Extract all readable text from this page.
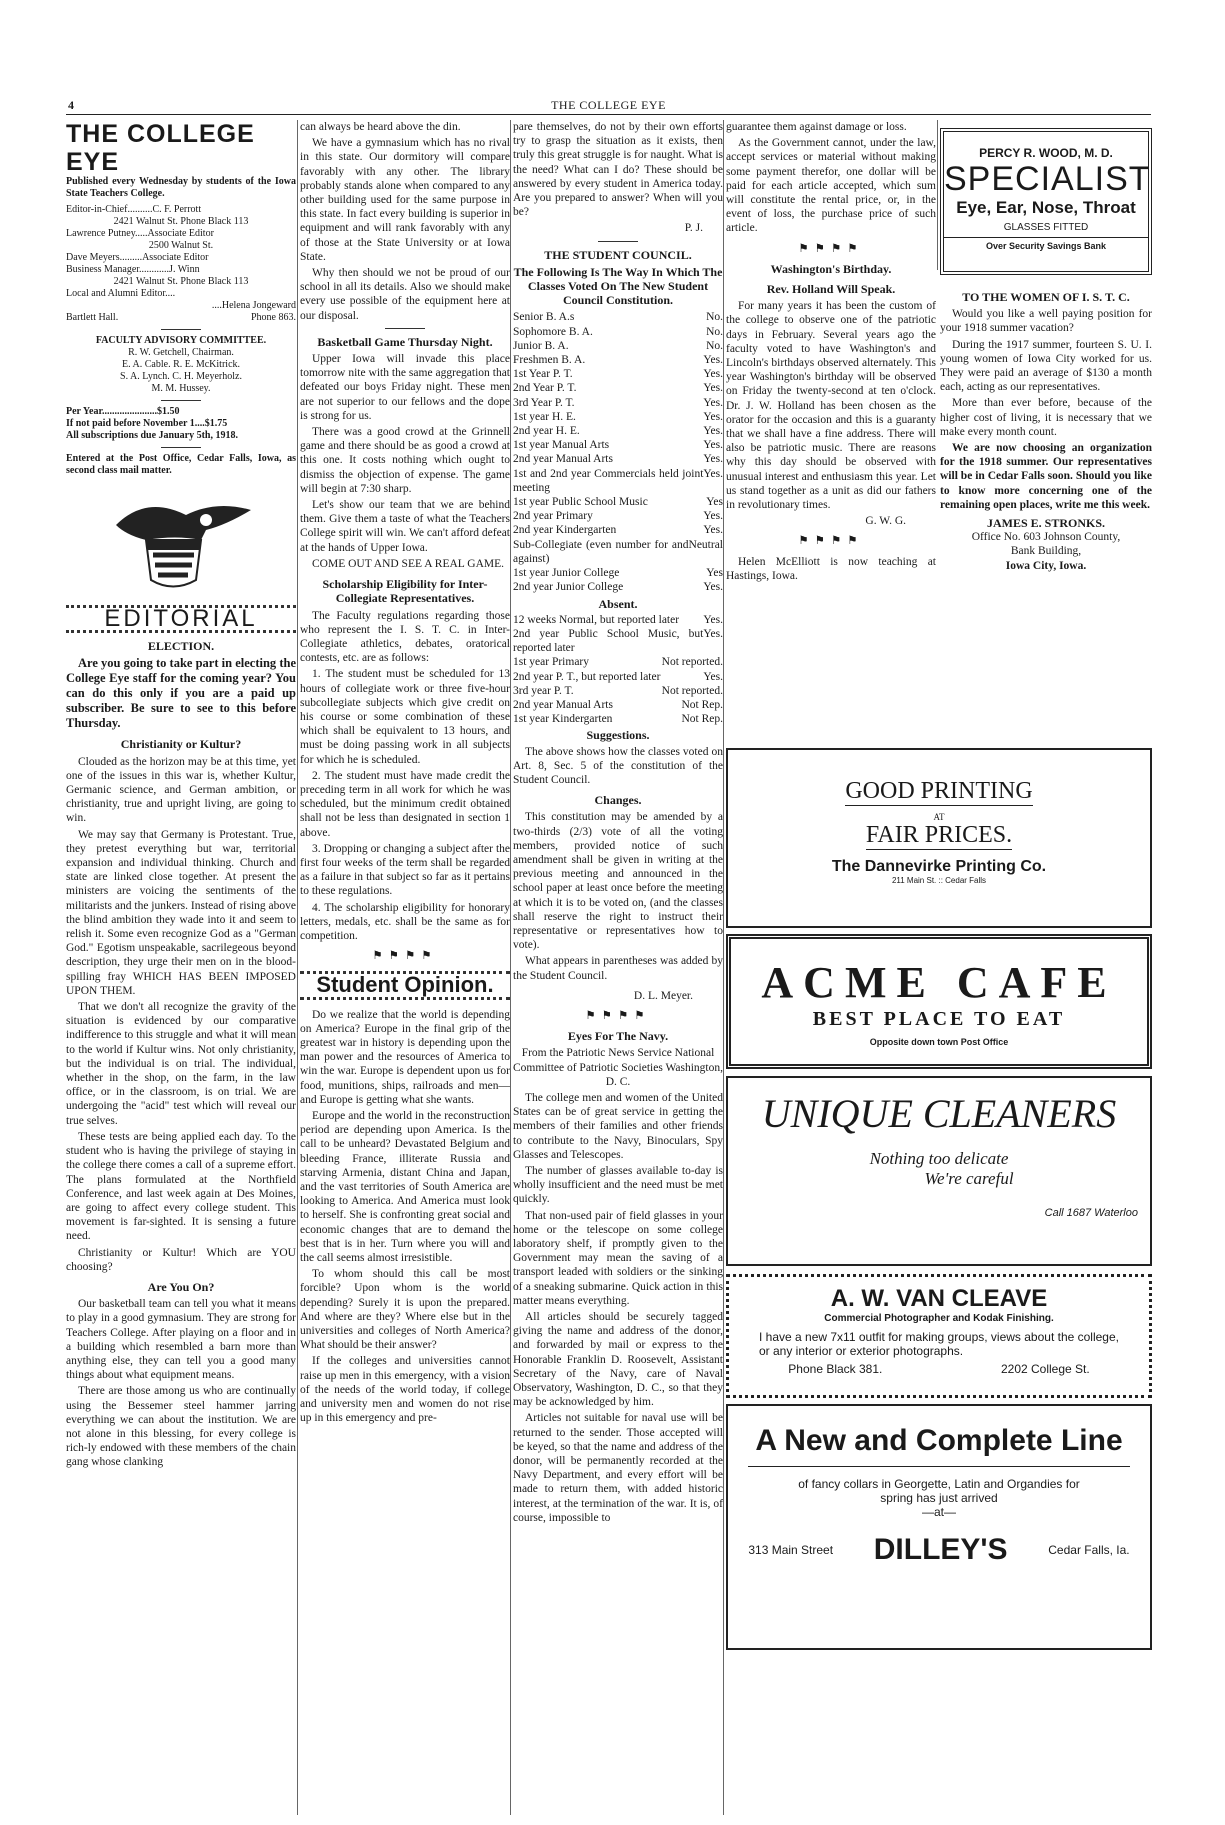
4	THE COLLEGE EYE
THE COLLEGE EYE

Published every Wednesday by students of the Iowa State Teachers College.

Editor-in-Chief..........C. F. Perrott
2421 Walnut St. Phone Black 113
Lawrence Putney.....Associate Editor
2500 Walnut St.
Dave Meyers.........Associate Editor
Business Manager............J. Winn
2421 Walnut St. Phone Black 113
Local and Alumni Editor....
....Helena Jongeward
Bartlett Hall.	Phone 863.
FACULTY ADVISORY COMMITTEE.
R. W. Getchell, Chairman.
E. A. Cable. R. E. McKitrick.
S. A. Lynch. C. H. Meyerholz.
M. M. Hussey.
Per Year......................$1.50
If not paid before November 1....$1.75
All subscriptions due January 5th, 1918.

Entered at the Post Office, Cedar Falls, Iowa, as second class mail matter.

EDITORIAL
ELECTION.

Are you going to take part in electing the College Eye staff for the coming year? You can do this only if you are a paid up subscriber. Be sure to see to this before Thursday.

Christianity or Kultur?

Clouded as the horizon may be at this time, yet one of the issues in this war is, whether Kultur, Germanic science, and German ambition, or christianity, true and upright living, are going to win.

We may say that Germany is Protestant. True, they pretest everything but war, territorial expansion and individual thinking. Church and state are linked close together. At present the ministers are voicing the sentiments of the militarists and the junkers. Instead of rising above the blind ambition they wade into it and seem to relish it. Some even recognize God as a "German God." Egotism unspeakable, sacrilegeous beyond description, they urge their men on in the blood-spilling fray WHICH HAS BEEN IMPOSED UPON THEM.

That we don't all recognize the gravity of the situation is evidenced by our comparative indifference to this struggle and what it will mean to the world if Kultur wins. Not only christianity, but the individual is on trial. The individual, whether in the shop, on the farm, in the law office, or in the classroom, is on trial. We are undergoing the "acid" test which will reveal our true selves.

These tests are being applied each day. To the student who is having the privilege of staying in the college there comes a call of a supreme effort. The plans formulated at the Northfield Conference, and last week again at Des Moines, are going to affect every college student. This movement is far-sighted. It is sensing a future need.

Christianity or Kultur! Which are YOU choosing?

Are You On?

Our basketball team can tell you what it means to play in a good gymnasium. They are strong for Teachers College. After playing on a floor and in a building which resembled a barn more than anything else, they can tell you a good many things about what equipment means.

There are those among us who are continually using the Bessemer steel hammer jarring everything we can about the institution. We are not alone in this blessing, for every college is rich-ly endowed with these members of the chain gang whose clanking

can always be heard above the din.

We have a gymnasium which has no rival in this state. Our dormitory will compare favorably with any other. The library probably stands alone when compared to any other building used for the same purpose in this state. In fact every building is superior in equipment and will rank favorably with any of those at the State University or at Iowa State.

Why then should we not be proud of our school in all its details. Also we should make every use possible of the equipment here at our disposal.

Basketball Game Thursday Night.

Upper Iowa will invade this place tomorrow nite with the same aggregation that defeated our boys Friday night. These men are not superior to our fellows and the dope is strong for us.

There was a good crowd at the Grinnell game and there should be as good a crowd at this one. It costs nothing which ought to dismiss the objection of expense. The game will begin at 7:30 sharp.

Let's show our team that we are behind them. Give them a taste of what the Teachers College spirit will win. We can't afford defeat at the hands of Upper Iowa.

COME OUT AND SEE A REAL GAME.

Scholarship Eligibility for Inter-Collegiate Representatives.

The Faculty regulations regarding those who represent the I. S. T. C. in Inter-Collegiate athletics, debates, oratorical contests, etc. are as follows:

1. The student must be scheduled for 13 hours of collegiate work or three five-hour subcollegiate subjects which give credit on his course or some combination of these which shall be equivalent to 13 hours, and must be doing passing work in all subjects for which he is scheduled.

2. The student must have made credit the preceding term in all work for which he was scheduled, but the minimum credit obtained shall not be less than designated in section 1 above.

3. Dropping or changing a subject after the first four weeks of the term shall be regarded as a failure in that subject so far as it pertains to these regulations.

4. The scholarship eligibility for honorary letters, medals, etc. shall be the same as for competition.

⚑⚑⚑⚑
Student Opinion.

Do we realize that the world is depending on America? Europe in the final grip of the greatest war in history is depending upon the man power and the resources of America to win the war. Europe is dependent upon us for food, munitions, ships, railroads and men—and Europe is getting what she wants.

Europe and the world in the reconstruction period are depending upon America. Is the call to be unheard? Devastated Belgium and bleeding France, illiterate Russia and starving Armenia, distant China and Japan, and the vast territories of South America are looking to America. And America must look to herself. She is confronting great social and economic changes that are to demand the best that is in her. Turn where you will and the call seems almost irresistible.

To whom should this call be most forcible? Upon whom is the world depending? Surely it is upon the prepared. And where are they? Where else but in the universities and colleges of North America? What should be their answer?

If the colleges and universities cannot raise up men in this emergency, with a vision of the needs of the world today, if college and university men and women do not rise up in this emergency and pre-

pare themselves, do not by their own efforts try to grasp the situation as it exists, then truly this great struggle is for naught. What is the need? What can I do? These should be answered by every student in America today. Are you prepared to answer? When will you be?

P. J.
THE STUDENT COUNCIL.
The Following Is The Way In Which The Classes Voted On The New Student Council Constitution.
Senior B. A.s	No.
Sophomore B. A.	No.
Junior B. A.	No.
Freshmen B. A.	Yes.
1st Year P. T.	Yes.
2nd Year P. T.	Yes.
3rd Year P. T.	Yes.
1st year H. E.	Yes.
2nd year H. E.	Yes.
1st year Manual Arts	Yes.
2nd year Manual Arts	Yes.
1st and 2nd year Commercials held joint meeting
Yes.
1st year Public School Music	Yes
2nd year Primary	Yes.
2nd year Kindergarten	Yes.
Sub-Collegiate (even number for and against)
Neutral
1st year Junior College	Yes
2nd year Junior College	Yes.
Absent.
12 weeks Normal, but reported later Yes.
2nd year Public School Music, but reported later
Yes.
1st year Primary	Not reported.
2nd year P. T., but reported later	Yes.
3rd year P. T.	Not reported.
2nd year Manual Arts	Not Rep.
1st year Kindergarten	Not Rep.
Suggestions.

The above shows how the classes voted on Art. 8, Sec. 5 of the constitution of the Student Council.

Changes.

This constitution may be amended by a two-thirds (2/3) vote of all the voting members, provided notice of such amendment shall be given in writing at the previous meeting and announced in the school paper at least once before the meeting at which it is to be voted on, (and the classes shall reserve the right to instruct their representative or representatives how to vote).

What appears in parentheses was added by the Student Council.

D. L. Meyer.
⚑⚑⚑⚑
Eyes For The Navy.

From the Patriotic News Service National Committee of Patriotic Societies Washington, D. C.

The college men and women of the United States can be of great service in getting the members of their families and other friends to contribute to the Navy, Binoculars, Spy Glasses and Telescopes.

The number of glasses available to-day is wholly insufficient and the need must be met quickly.

That non-used pair of field glasses in your home or the telescope on some college laboratory shelf, if promptly given to the Government may mean the saving of a transport leaded with soldiers or the sinking of a sneaking submarine. Quick action in this matter means everything.

All articles should be securely tagged giving the name and address of the donor, and forwarded by mail or express to the Honorable Franklin D. Roosevelt, Assistant Secretary of the Navy, care of Naval Observatory, Washington, D. C., so that they may be acknowledged by him.

Articles not suitable for naval use will be returned to the sender. Those accepted will be keyed, so that the name and address of the donor, will be permanently recorded at the Navy Department, and every effort will be made to return them, with added historic interest, at the termination of the war. It is, of course, impossible to

guarantee them against damage or loss.

As the Government cannot, under the law, accept services or material without making some payment therefor, one dollar will be paid for each article accepted, which sum will constitute the rental price, or, in the event of loss, the purchase price of such article.

⚑⚑⚑⚑
Washington's Birthday.
Rev. Holland Will Speak.

For many years it has been the custom of the college to observe one of the patriotic days in February. Several years ago the faculty voted to have Washington's and Lincoln's birthdays observed alternately. This year Washington's birthday will be observed on Friday the twenty-second at ten o'clock. Dr. J. W. Holland has been chosen as the orator for the occasion and this is a guaranty that we shall have a fine address. There will also be patriotic music. There are reasons why this day should be observed with unusual interest and enthusiasm this year. Let us stand together as a unit as did our fathers in revolutionary times.

G. W. G.
⚑⚑⚑⚑

Helen McElliott is now teaching at Hastings, Iowa.

TO THE WOMEN OF I. S. T. C.

Would you like a well paying position for your 1918 summer vacation?

During the 1917 summer, fourteen S. U. I. young women of Iowa City worked for us. They were paid an average of $130 a month each, acting as our representatives.

More than ever before, because of the higher cost of living, it is necessary that we make every month count.

We are now choosing an organization for the 1918 summer. Our representatives will be in Cedar Falls soon. Should you like to know more concerning one of the remaining open places, write me this week.

JAMES E. STRONKS.
Office No. 603 Johnson County,
Bank Building,
Iowa City, Iowa.
PERCY R. WOOD, M. D.
SPECIALIST
Eye, Ear, Nose, Throat
GLASSES FITTED
Over Security Savings Bank
GOOD PRINTING
AT
FAIR PRICES.
The Dannevirke Printing Co.
211 Main St. :: Cedar Falls
ACME CAFE
BEST PLACE TO EAT
Opposite down town Post Office
UNIQUE CLEANERS
Nothing too delicate
We're careful
Call 1687 Waterloo
A. W. VAN CLEAVE
Commercial Photographer and Kodak Finishing.
I have a new 7x11 outfit for making groups, views about the college, or any interior or exterior photographs.
Phone Black 381.	2202 College St.
A New and Complete Line
of fancy collars in Georgette, Latin and Organdies for spring has just arrived
—at—
313 Main Street DILLEY'S	Cedar Falls, Ia.
